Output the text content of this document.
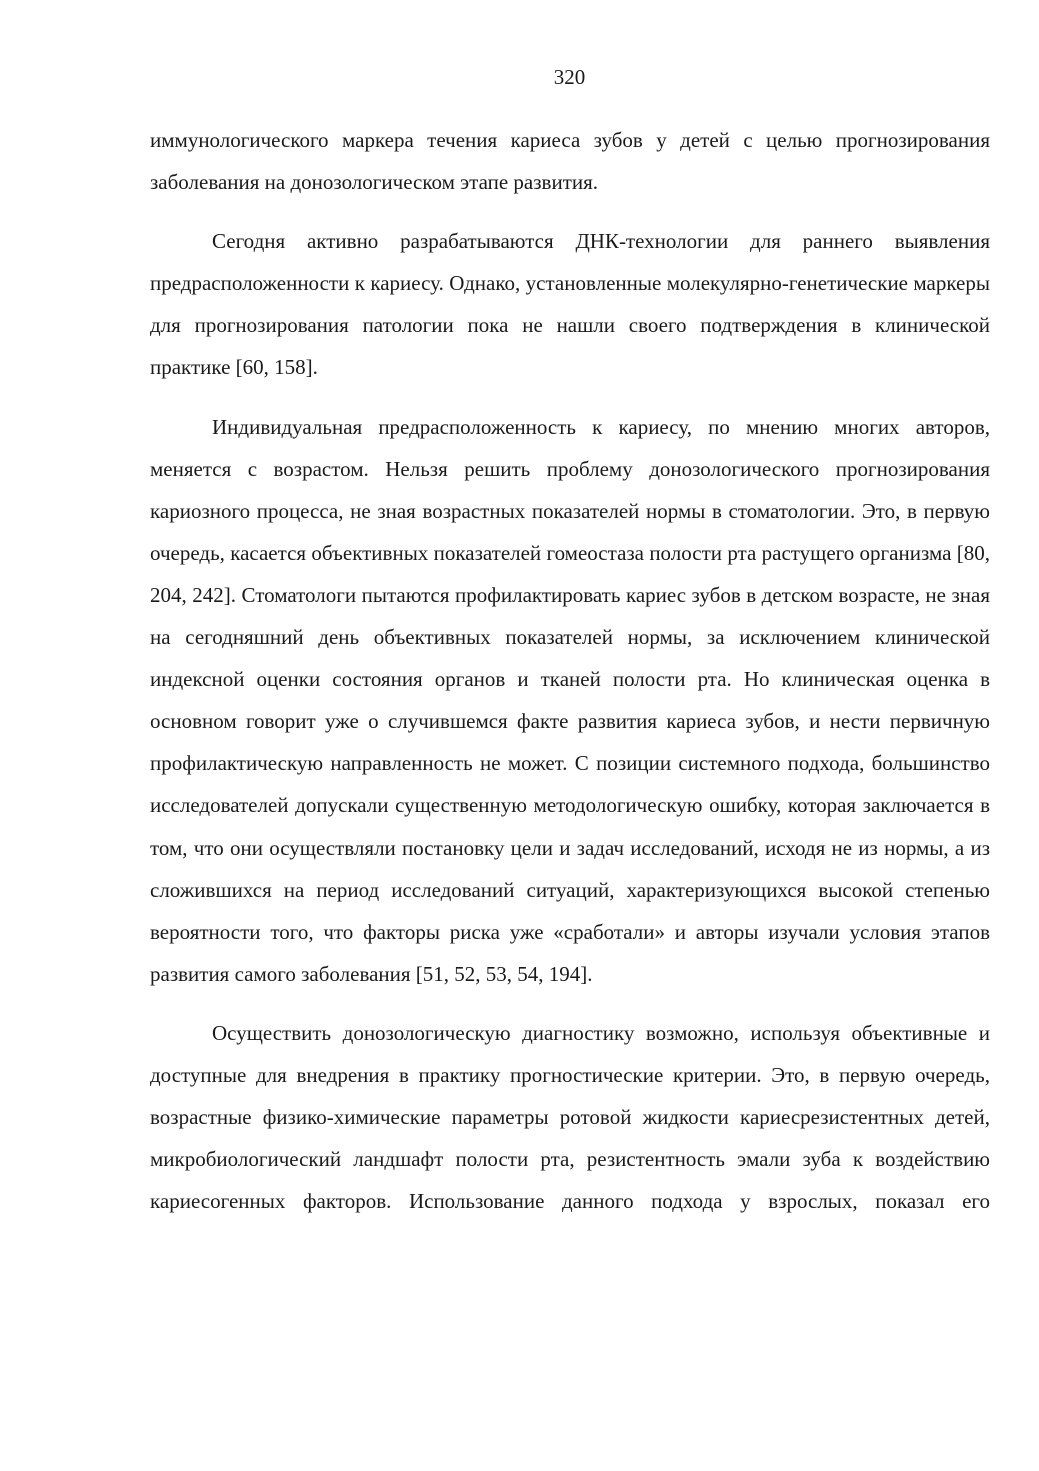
320

иммунологического маркера течения кариеса зубов у детей с целью прогнозирования заболевания на донозологическом этапе развития.

Сегодня активно разрабатываются ДНК-технологии для раннего выявления предрасположенности к кариесу. Однако, установленные молекулярно-генетические маркеры для прогнозирования патологии пока не нашли своего подтверждения в клинической практике [60, 158].

Индивидуальная предрасположенность к кариесу, по мнению многих авторов, меняется с возрастом. Нельзя решить проблему донозологического прогнозирования кариозного процесса, не зная возрастных показателей нормы в стоматологии. Это, в первую очередь, касается объективных показателей гомеостаза полости рта растущего организма [80, 204, 242]. Стоматологи пытаются профилактировать кариес зубов в детском возрасте, не зная на сегодняшний день объективных показателей нормы, за исключением клинической индексной оценки состояния органов и тканей полости рта. Но клиническая оценка в основном говорит уже о случившемся факте развития кариеса зубов, и нести первичную профилактическую направленность не может. С позиции системного подхода, большинство исследователей допускали существенную методологическую ошибку, которая заключается в том, что они осуществляли постановку цели и задач исследований, исходя не из нормы, а из сложившихся на период исследований ситуаций, характеризующихся высокой степенью вероятности того, что факторы риска уже «сработали» и авторы изучали условия этапов развития самого заболевания [51, 52, 53, 54, 194].

Осуществить донозологическую диагностику возможно, используя объективные и доступные для внедрения в практику прогностические критерии. Это, в первую очередь, возрастные физико-химические параметры ротовой жидкости кариесрезистентных детей, микробиологический ландшафт полости рта, резистентность эмали зуба к воздействию кариесогенных факторов. Использование данного подхода у взрослых, показал его
